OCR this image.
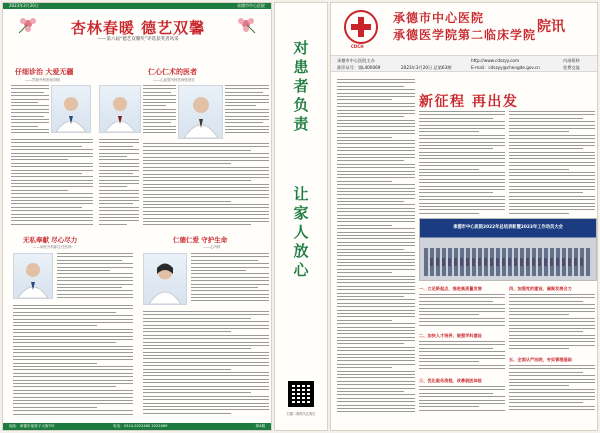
2023年3月20日	承德市中心医院
杏林春暖 德艺双馨
——第六届“德艺双馨奖”评选获奖者风采
仔细诊治 大爱无疆
——胃肠外科医师刘明
仁心仁术的医者
——心血管内科医师张建宏
无私奉献 尽心尽力
——神经外科副主任医师
仁德仁爱 守护生命
——心内科
地址：承德市南营子大街3号	电话：0314-2022480 2022489	第4期
对
患
者
负
责
让
家
人
放
心
扫描二维码关注我们
CDCH
承德市中心医院
承德医学院第二临床学院 院讯
承德市中心医院主办
准印证号：第L400069	2023年3月20日 总第63期
http://www.cdszyy.com
E-mail：cdszyy@chengde.gov.cn
内部资料
免费交流
新征程 再出发
承德市中心医院2022年总结表彰暨2023年工作动员大会
一、立足新起点，推进高质量发展
二、加快人才培养，做强学科建设
三、优化服务流程，改善就医体验
四、加强党的建设，凝聚发展合力
五、全面从严治院，夯实管理基础
